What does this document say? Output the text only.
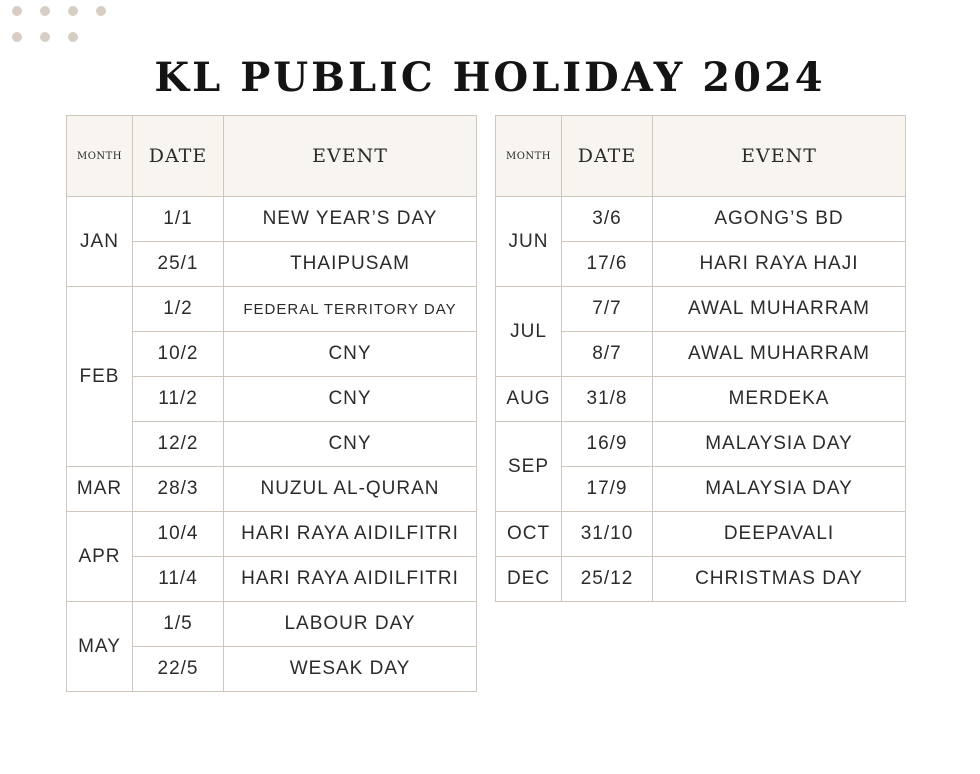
KL PUBLIC HOLIDAY 2024
MONTH	DATE	EVENT
JAN	1/1	NEW YEAR’S DAY
	25/1	THAIPUSAM
FEB	1/2	FEDERAL TERRITORY DAY
	10/2	CNY
	11/2	CNY
	12/2	CNY
MAR	28/3	NUZUL AL-QURAN
APR	10/4	HARI RAYA AIDILFITRI
	11/4	HARI RAYA AIDILFITRI
MAY	1/5	LABOUR DAY
	22/5	WESAK DAY
MONTH	DATE	EVENT
JUN	3/6	AGONG’S BD
	17/6	HARI RAYA HAJI
JUL	7/7	AWAL MUHARRAM
	8/7	AWAL MUHARRAM
AUG	31/8	MERDEKA
SEP	16/9	MALAYSIA DAY
	17/9	MALAYSIA DAY
OCT	31/10	DEEPAVALI
DEC	25/12	CHRISTMAS DAY
